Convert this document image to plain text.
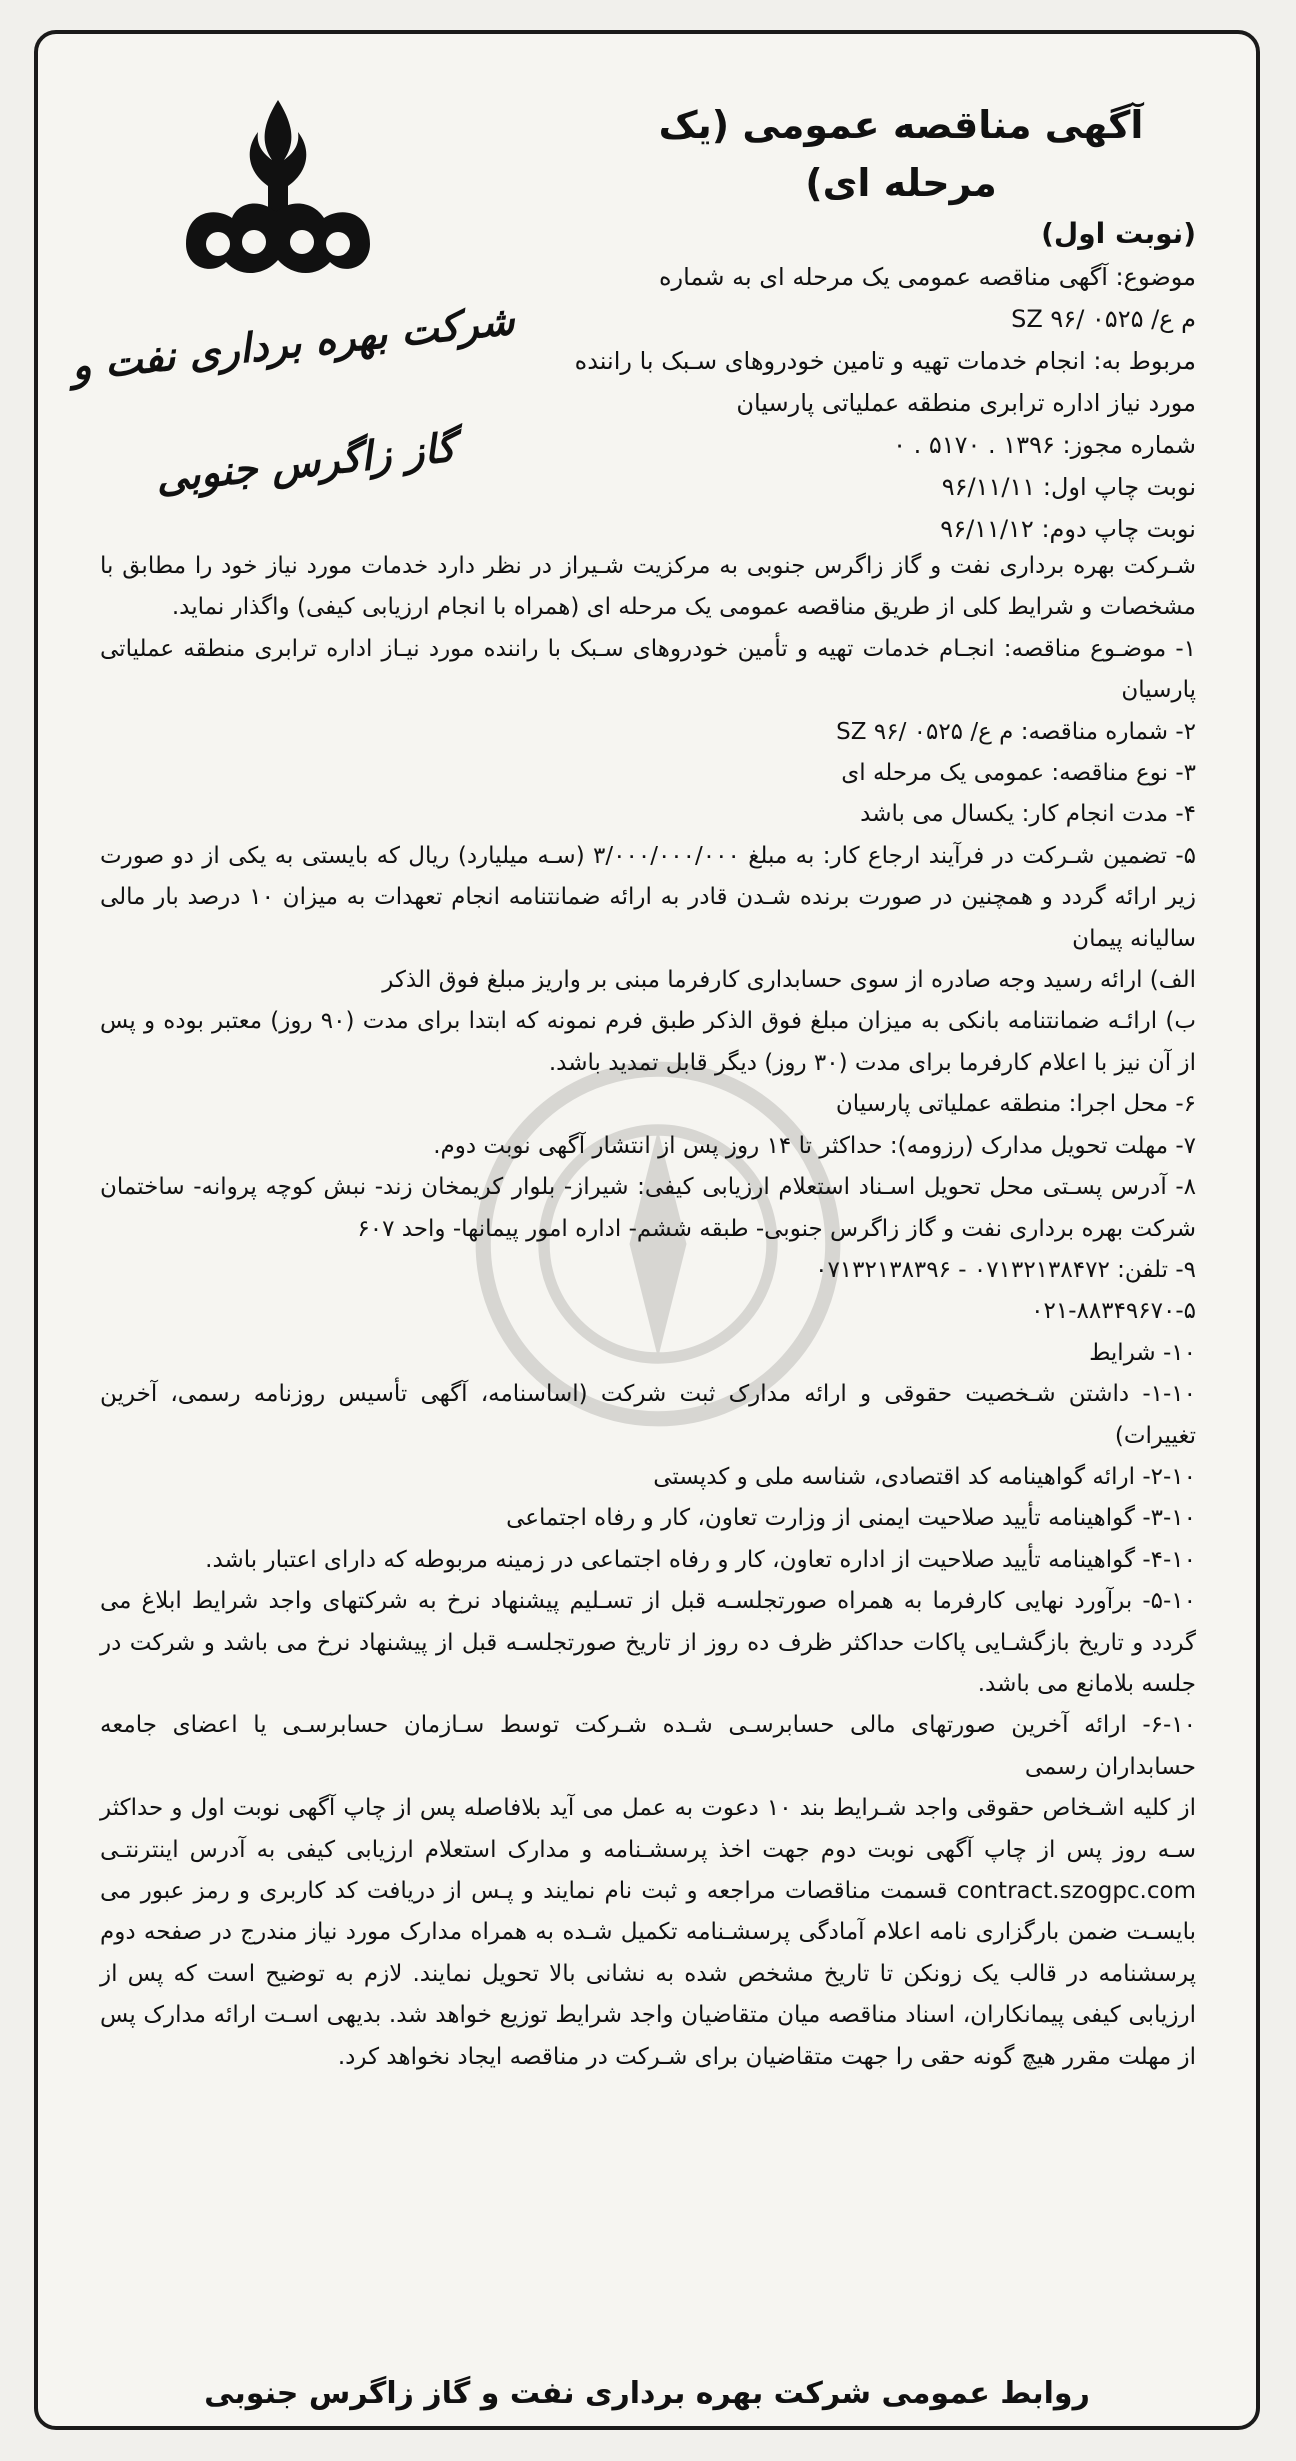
شرکت بهره برداری نفت و گاز زاگرس جنوبی
آگهی مناقصه عمومی (یک مرحله ای)
(نوبت اول)
موضوع: آگهی مناقصه عمومی یک مرحله ای به شماره
م ع/ ۰۵۲۵ /۹۶ SZ
مربوط به: انجام خدمات تهیه و تامین خودروهای سـبک با راننده
مورد نیاز اداره ترابری منطقه عملیاتی پارسیان
شماره مجوز: ۱۳۹۶ . ۵۱۷۰ . ۰
نوبت چاپ اول: ۹۶/۱۱/۱۱
نوبت چاپ دوم: ۹۶/۱۱/۱۲

شـرکت بهره برداری نفت و گاز زاگرس جنوبی به مرکزیت شـیراز در نظر دارد خدمات مورد نیاز خود را مطابق با مشخصات و شرایط کلی از طریق مناقصه عمومی یک مرحله ای (همراه با انجام ارزیابی کیفی) واگذار نماید.

۱- موضـوع مناقصه: انجـام خدمات تهیه و تأمین خودروهای سـبک با راننده مورد نیـاز اداره ترابری منطقه عملیاتی پارسیان

۲- شماره مناقصه: م ع/ ۰۵۲۵ /۹۶ SZ

۳- نوع مناقصه: عمومی یک مرحله ای

۴- مدت انجام کار: یکسال می باشد

۵- تضمین شـرکت در فرآیند ارجاع کار: به مبلغ ۳/۰۰۰/۰۰۰/۰۰۰ (سـه میلیارد) ریال که بایستی به یکی از دو صورت زیر ارائه گردد و همچنین در صورت برنده شـدن قادر به ارائه ضمانتنامه انجام تعهدات به میزان ۱۰ درصد بار مالی سالیانه پیمان

الف) ارائه رسید وجه صادره از سوی حسابداری کارفرما مبنی بر واریز مبلغ فوق الذکر

ب) ارائـه ضمانتنامه بانکی به میزان مبلغ فوق الذکر طبق فرم نمونه که ابتدا برای مدت (۹۰ روز) معتبر بوده و پس از آن نیز با اعلام کارفرما برای مدت (۳۰ روز) دیگر قابل تمدید باشد.

۶- محل اجرا: منطقه عملیاتی پارسیان

۷- مهلت تحویل مدارک (رزومه): حداکثر تا ۱۴ روز پس از انتشار آگهی نوبت دوم.

۸- آدرس پسـتی محل تحویل اسـناد استعلام ارزیابی کیفی: شیراز- بلوار کریمخان زند- نبش کوچه پروانه- ساختمان شرکت بهره برداری نفت و گاز زاگرس جنوبی- طبقه ششم- اداره امور پیمانها- واحد ۶۰۷

۹- تلفن: ۰۷۱۳۲۱۳۸۴۷۲ - ۰۷۱۳۲۱۳۸۳۹۶

۰۲۱-۸۸۳۴۹۶۷۰-۵

۱۰- شرایط

۱-۱۰- داشتن شـخصیت حقوقی و ارائه مدارک ثبت شرکت (اساسنامه، آگهی تأسیس روزنامه رسمی، آخرین تغییرات)

۲-۱۰- ارائه گواهینامه کد اقتصادی، شناسه ملی و کدپستی

۳-۱۰- گواهینامه تأیید صلاحیت ایمنی از وزارت تعاون، کار و رفاه اجتماعی

۴-۱۰- گواهینامه تأیید صلاحیت از اداره تعاون، کار و رفاه اجتماعی در زمینه مربوطه که دارای اعتبار باشد.

۵-۱۰- برآورد نهایی کارفرما به همراه صورتجلسـه قبل از تسـلیم پیشنهاد نرخ به شرکتهای واجد شرایط ابلاغ می گردد و تاریخ بازگشـایی پاکات حداکثر ظرف ده روز از تاریخ صورتجلسـه قبل از پیشنهاد نرخ می باشد و شرکت در جلسه بلامانع می باشد.

۶-۱۰- ارائه آخرین صورتهای مالی حسابرسـی شـده شـرکت توسط سـازمان حسابرسـی یا اعضای جامعه حسابداران رسمی

از کلیه اشـخاص حقوقی واجد شـرایط بند ۱۰ دعوت به عمل می آید بلافاصله پس از چاپ آگهی نوبت اول و حداکثر سـه روز پس از چاپ آگهی نوبت دوم جهت اخذ پرسشـنامه و مدارک استعلام ارزیابی کیفی به آدرس اینترنتـی contract.szogpc.com قسمت مناقصات مراجعه و ثبت نام نمایند و پـس از دریافت کد کاربری و رمز عبور می بایسـت ضمن بارگزاری نامه اعلام آمادگی پرسشـنامه تکمیل شـده به همراه مدارک مورد نیاز مندرج در صفحه دوم پرسشنامه در قالب یک زونکن تا تاریخ مشخص شده به نشانی بالا تحویل نمایند. لازم به توضیح است که پس از ارزیابی کیفی پیمانکاران، اسناد مناقصه میان متقاضیان واجد شرایط توزیع خواهد شد. بدیهی اسـت ارائه مدارک پس از مهلت مقرر هیچ گونه حقی را جهت متقاضیان برای شـرکت در مناقصه ایجاد نخواهد کرد.

روابط عمومی شرکت بهره برداری نفت و گاز زاگرس جنوبی
